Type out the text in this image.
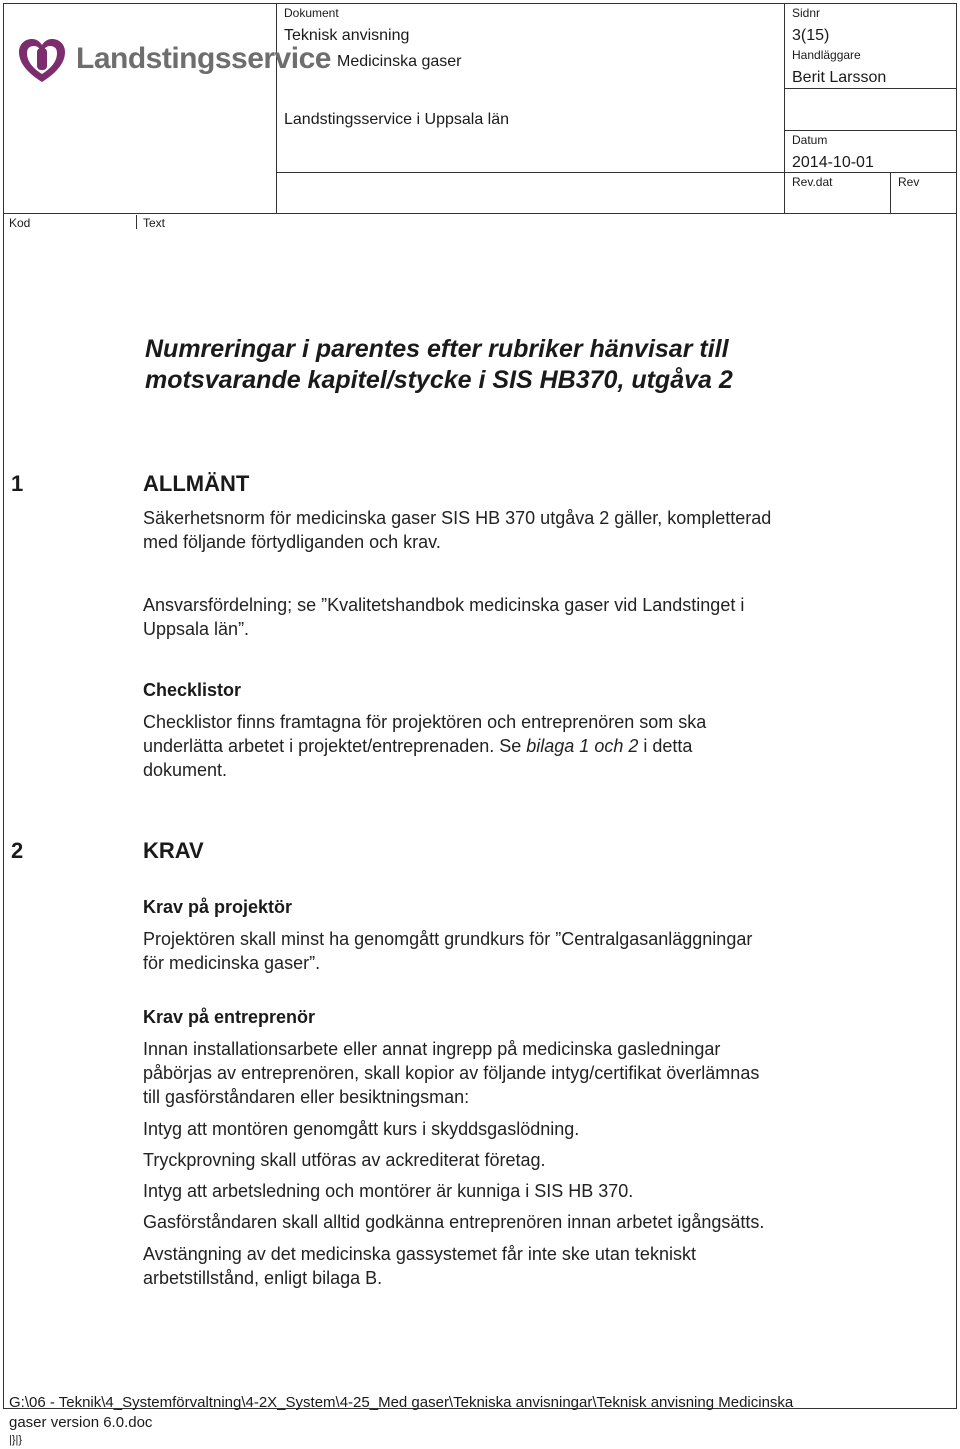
Landstingsservice
Dokument
Teknisk anvisning
Medicinska gaser
Sidnr
3(15)
Handläggare
Berit Larsson
Landstingsservice i Uppsala län
Datum
2014-10-01
Rev.dat	Rev
Kod	Text
Numreringar i parentes efter rubriker hänvisar till
motsvarande kapitel/stycke i SIS HB370, utgåva 2
1	ALLMÄNT
Säkerhetsnorm för medicinska gaser SIS HB 370 utgåva 2 gäller, kompletterad
med följande förtydliganden och krav.
Ansvarsfördelning; se ”Kvalitetshandbok medicinska gaser vid Landstinget i
Uppsala län”.
Checklistor
Checklistor finns framtagna för projektören och entreprenören som ska
underlätta arbetet i projektet/entreprenaden. Se bilaga 1 och 2 i detta
dokument.
2	KRAV
Krav på projektör
Projektören skall minst ha genomgått grundkurs för ”Centralgasanläggningar
för medicinska gaser”.
Krav på entreprenör
Innan installationsarbete eller annat ingrepp på medicinska gasledningar
påbörjas av entreprenören, skall kopior av följande intyg/certifikat överlämnas
till gasförståndaren eller besiktningsman:
Intyg att montören genomgått kurs i skyddsgaslödning.
Tryckprovning skall utföras av ackrediterat företag.
Intyg att arbetsledning och montörer är kunniga i SIS HB 370.
Gasförståndaren skall alltid godkänna entreprenören innan arbetet igångsätts.
Avstängning av det medicinska gassystemet får inte ske utan tekniskt
arbetstillstånd, enligt bilaga B.
G:\06 - Teknik\4_Systemförvaltning\4-2X_System\4-25_Med gaser\Tekniska anvisningar\Teknisk anvisning Medicinska
gaser version 6.0.doc
|}|}
